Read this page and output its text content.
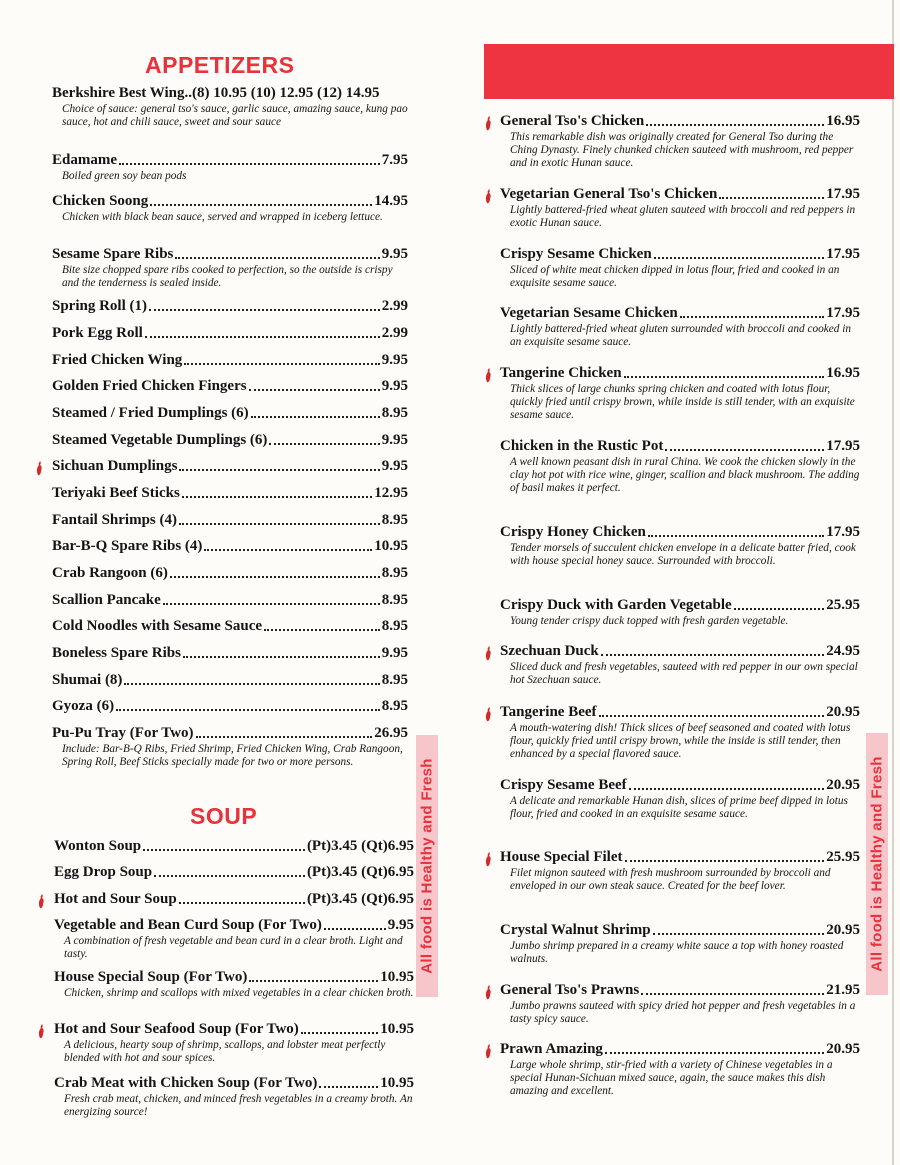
APPETIZERS
Berkshire Best Wing..(8) 10.95 (10) 12.95 (12) 14.95
Choice of sauce: general tso's sauce, garlic sauce, amazing sauce, kung pao sauce, hot and chili sauce, sweet and sour sauce
Edamame	7.95
Boiled green soy bean pods
Chicken Soong	14.95
Chicken with black bean sauce, served and wrapped in iceberg lettuce.
Sesame Spare Ribs	9.95
Bite size chopped spare ribs cooked to perfection, so the outside is crispy and the tenderness is sealed inside.
Spring Roll (1)	2.99
Pork Egg Roll	2.99
Fried Chicken Wing	9.95
Golden Fried Chicken Fingers	9.95
Steamed / Fried Dumplings (6)	8.95
Steamed Vegetable Dumplings (6)	9.95
Sichuan Dumplings	9.95
Teriyaki Beef Sticks	12.95
Fantail Shrimps (4)	8.95
Bar-B-Q Spare Ribs (4)	10.95
Crab Rangoon (6)	8.95
Scallion Pancake	8.95
Cold Noodles with Sesame Sauce	8.95
Boneless Spare Ribs	9.95
Shumai (8)	8.95
Gyoza (6)	8.95
Pu-Pu Tray (For Two)	26.95
Include: Bar-B-Q Ribs, Fried Shrimp, Fried Chicken Wing, Crab Rangoon, Spring Roll, Beef Sticks specially made for two or more persons.
SOUP
Wonton Soup	(Pt)3.45 (Qt)6.95
Egg Drop Soup	(Pt)3.45 (Qt)6.95
Hot and Sour Soup	(Pt)3.45 (Qt)6.95
Vegetable and Bean Curd Soup (For Two)	9.95
A combination of fresh vegetable and bean curd in a clear broth. Light and tasty.
House Special Soup (For Two)	10.95
Chicken, shrimp and scallops with mixed vegetables in a clear chicken broth.
Hot and Sour Seafood Soup (For Two)	10.95
A delicious, hearty soup of shrimp, scallops, and lobster meat perfectly blended with hot and sour spices.
Crab Meat with Chicken Soup (For Two)	10.95
Fresh crab meat, chicken, and minced fresh vegetables in a creamy broth. An energizing source!
General Tso's Chicken	16.95
This remarkable dish was originally created for General Tso during the Ching Dynasty. Finely chunked chicken sauteed with mushroom, red pepper and in exotic Hunan sauce.
Vegetarian General Tso's Chicken	17.95
Lightly battered-fried wheat gluten sauteed with broccoli and red peppers in exotic Hunan sauce.
Crispy Sesame Chicken	17.95
Sliced of white meat chicken dipped in lotus flour, fried and cooked in an exquisite sesame sauce.
Vegetarian Sesame Chicken	17.95
Lightly battered-fried wheat gluten surrounded with broccoli and cooked in an exquisite sesame sauce.
Tangerine Chicken	16.95
Thick slices of large chunks spring chicken and coated with lotus flour, quickly fried until crispy brown, while inside is still tender, with an exquisite sesame sauce.
Chicken in the Rustic Pot	17.95
A well known peasant dish in rural China. We cook the chicken slowly in the clay hot pot with rice wine, ginger, scallion and black mushroom. The adding of basil makes it perfect.
Crispy Honey Chicken	17.95
Tender morsels of succulent chicken envelope in a delicate batter fried, cook with house special honey sauce. Surrounded with broccoli.
Crispy Duck with Garden Vegetable	25.95
Young tender crispy duck topped with fresh garden vegetable.
Szechuan Duck	24.95
Sliced duck and fresh vegetables, sauteed with red pepper in our own special hot Szechuan sauce.
Tangerine Beef	20.95
A mouth-watering dish! Thick slices of beef seasoned and coated with lotus flour, quickly fried until crispy brown, while the inside is still tender, then enhanced by a special flavored sauce.
Crispy Sesame Beef	20.95
A delicate and remarkable Hunan dish, slices of prime beef dipped in lotus flour, fried and cooked in an exquisite sesame sauce.
House Special Filet	25.95
Filet mignon sauteed with fresh mushroom surrounded by broccoli and enveloped in our own steak sauce. Created for the beef lover.
Crystal Walnut Shrimp	20.95
Jumbo shrimp prepared in a creamy white sauce a top with honey roasted walnuts.
General Tso's Prawns	21.95
Jumbo prawns sauteed with spicy dried hot pepper and fresh vegetables in a tasty spicy sauce.
Prawn Amazing	20.95
Large whole shrimp, stir-fried with a variety of Chinese vegetables in a special Hunan-Sichuan mixed sauce, again, the sauce makes this dish amazing and excellent.
All food is Healthy and Fresh	All food is Healthy and Fresh
